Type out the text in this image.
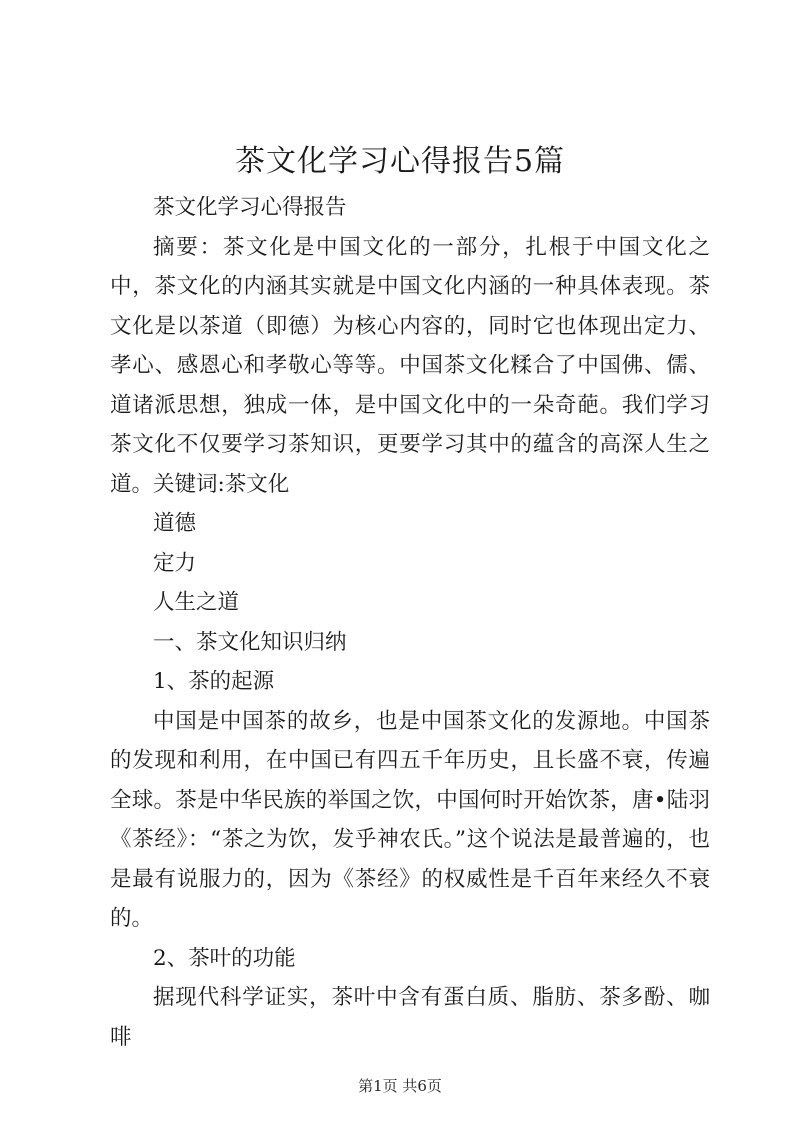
茶文化学习心得报告5篇

茶文化学习心得报告

摘要：茶文化是中国文化的一部分，扎根于中国文化之中，茶文化的内涵其实就是中国文化内涵的一种具体表现。茶文化是以茶道（即德）为核心内容的，同时它也体现出定力、孝心、感恩心和孝敬心等等。中国茶文化糅合了中国佛、儒、道诸派思想，独成一体，是中国文化中的一朵奇葩。我们学习茶文化不仅要学习茶知识，更要学习其中的蕴含的高深人生之道。关键词:茶文化

道德

定力

人生之道

一、茶文化知识归纳

1、茶的起源

中国是中国茶的故乡，也是中国茶文化的发源地。中国茶的发现和利用，在中国已有四五千年历史，且长盛不衰，传遍全球。茶是中华民族的举国之饮，中国何时开始饮茶，唐•陆羽《茶经》：“茶之为饮，发乎神农氏。”这个说法是最普遍的，也是最有说服力的，因为《茶经》的权威性是千百年来经久不衰的。

2、茶叶的功能

据现代科学证实，茶叶中含有蛋白质、脂肪、茶多酚、咖啡

第1页 共6页
